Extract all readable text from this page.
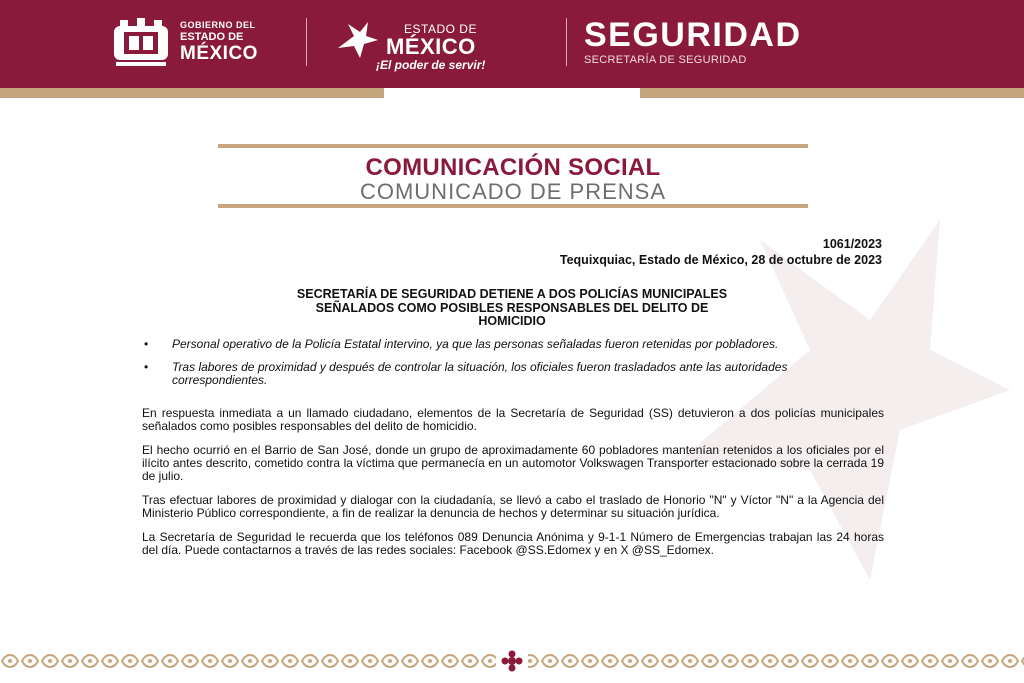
GOBIERNO DEL
ESTADO DE
MÉXICO
ESTADO DE
MÉXICO
¡El poder de servir!
SEGURIDAD
SECRETARÍA DE SEGURIDAD
COMUNICACIÓN SOCIAL
COMUNICADO DE PRENSA
1061/2023
Tequixquiac, Estado de México, 28 de octubre de 2023
SECRETARÍA DE SEGURIDAD DETIENE A DOS POLICÍAS MUNICIPALES
SEÑALADOS COMO POSIBLES RESPONSABLES DEL DELITO DE
HOMICIDIO
• Personal operativo de la Policía Estatal intervino, ya que las personas señaladas fueron retenidas por pobladores.
• Tras labores de proximidad y después de controlar la situación, los oficiales fueron trasladados ante las autoridades correspondientes.

En respuesta inmediata a un llamado ciudadano, elementos de la Secretaría de Seguridad (SS) detuvieron a dos policías municipales señalados como posibles responsables del delito de homicidio.

El hecho ocurrió en el Barrio de San José, donde un grupo de aproximadamente 60 pobladores mantenían retenidos a los oficiales por el ilícito antes descrito, cometido contra la víctima que permanecía en un automotor Volkswagen Transporter estacionado sobre la cerrada 19 de julio.

Tras efectuar labores de proximidad y dialogar con la ciudadanía, se llevó a cabo el traslado de Honorio "N" y Víctor "N" a la Agencia del Ministerio Público correspondiente, a fin de realizar la denuncia de hechos y determinar su situación jurídica.

La Secretaría de Seguridad le recuerda que los teléfonos 089 Denuncia Anónima y 9-1-1 Número de Emergencias trabajan las 24 horas del día. Puede contactarnos a través de las redes sociales: Facebook @SS.Edomex y en X @SS_Edomex.
